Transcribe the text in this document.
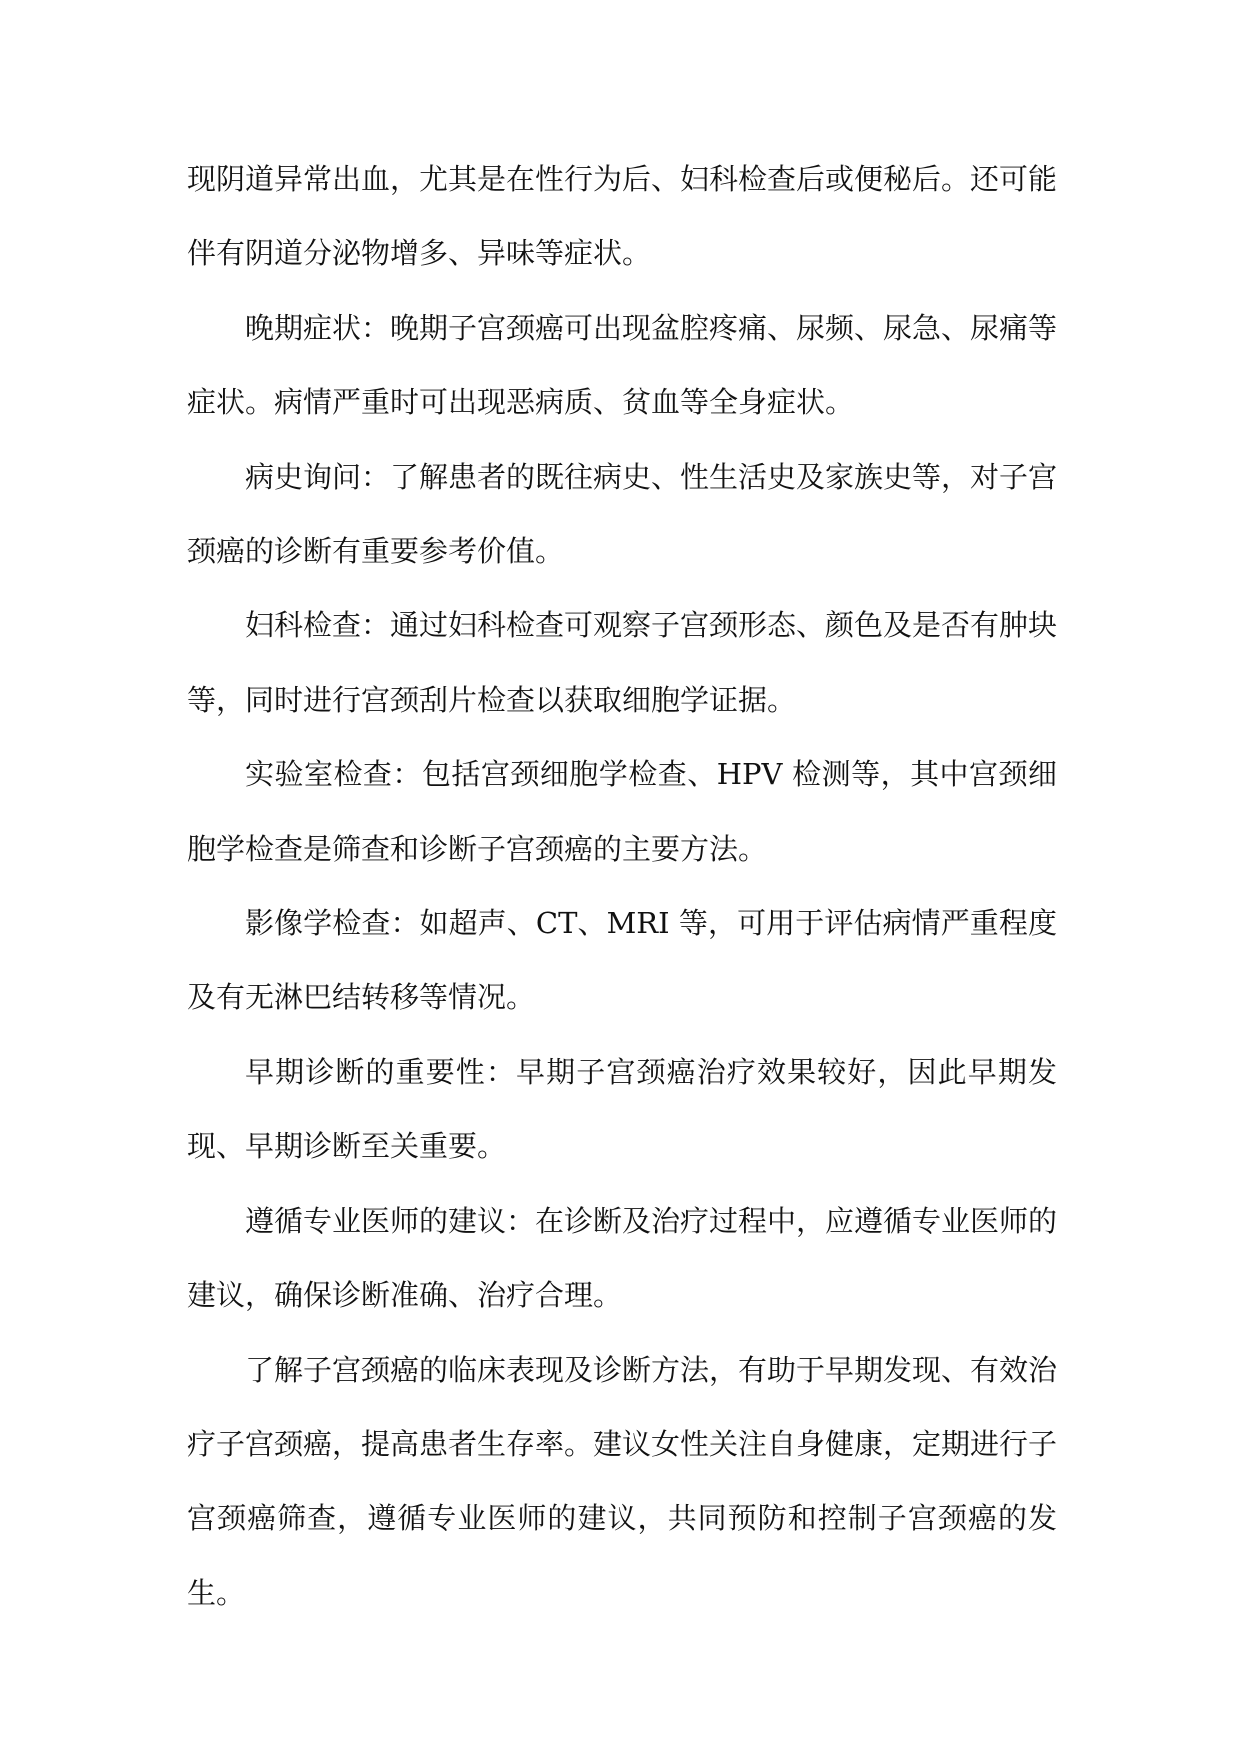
现阴道异常出血，尤其是在性行为后、妇科检查后或便秘后。还可能伴有阴道分泌物增多、异味等症状。

晚期症状：晚期子宫颈癌可出现盆腔疼痛、尿频、尿急、尿痛等症状。病情严重时可出现恶病质、贫血等全身症状。

病史询问：了解患者的既往病史、性生活史及家族史等，对子宫颈癌的诊断有重要参考价值。

妇科检查：通过妇科检查可观察子宫颈形态、颜色及是否有肿块等，同时进行宫颈刮片检查以获取细胞学证据。

实验室检查：包括宫颈细胞学检查、HPV 检测等，其中宫颈细胞学检查是筛查和诊断子宫颈癌的主要方法。

影像学检查：如超声、CT、MRI 等，可用于评估病情严重程度及有无淋巴结转移等情况。

早期诊断的重要性：早期子宫颈癌治疗效果较好，因此早期发现、早期诊断至关重要。

遵循专业医师的建议：在诊断及治疗过程中，应遵循专业医师的建议，确保诊断准确、治疗合理。

了解子宫颈癌的临床表现及诊断方法，有助于早期发现、有效治疗子宫颈癌，提高患者生存率。建议女性关注自身健康，定期进行子宫颈癌筛查，遵循专业医师的建议，共同预防和控制子宫颈癌的发生。
